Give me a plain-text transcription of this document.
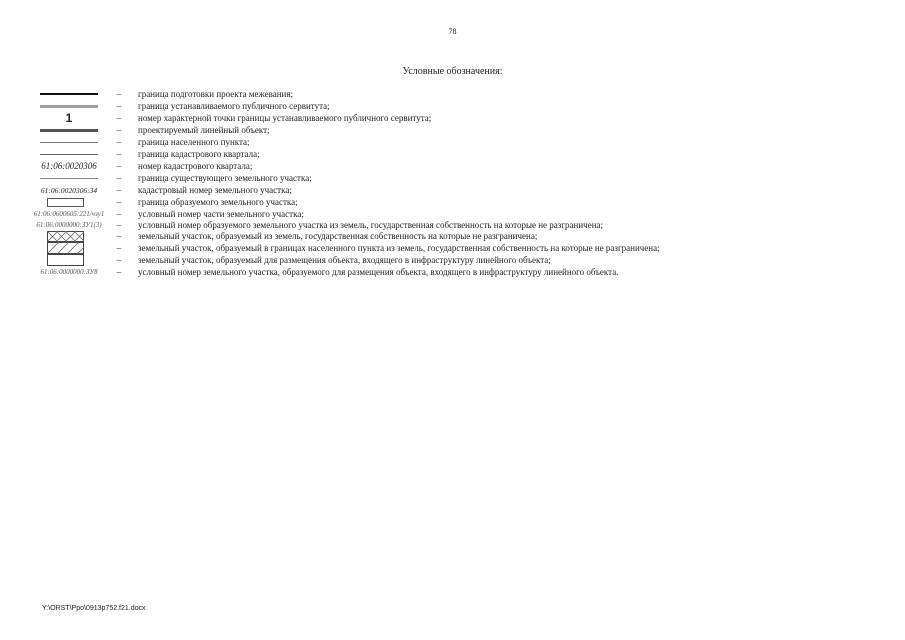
78
Условные обозначения:
–	граница подготовки проекта межевания;
–	граница устанавливаемого публичного сервитута;
1	–	номер характерной точки границы устанавливаемого публичного сервитута;
–	проектируемый линейный объект;
–	граница населенного пункта;
–	граница кадастрового квартала;
61:06:0020306	–	номер кадастрового квартала;
–	граница существующего земельного участка;
61:06:0020306:34	–	кадастровый номер земельного участка;
–	граница образуемого земельного участка;
61:06:0600605:221/чзу1	–	условный номер части земельного участка;
61:06:0000000:ЗУ1(3)	–	условный номер образуемого земельного участка из земель, государственная собственность на которые не разграничена;
–	земельный участок, образуемый из земель, государственная собственность на которые не разграничена;
–	земельный участок, образуемый в границах населенного пункта из земель, государственная собственность на которые не разграничена;
–	земельный участок, образуемый для размещения объекта, входящего в инфраструктуру линейного объекта;
61:06:0000000:ЗУ8	–	условный номер земельного участка, образуемого для размещения объекта, входящего в инфраструктуру линейного объекта.
Y:\ORST\Ppo\0913p752.f21.docx
